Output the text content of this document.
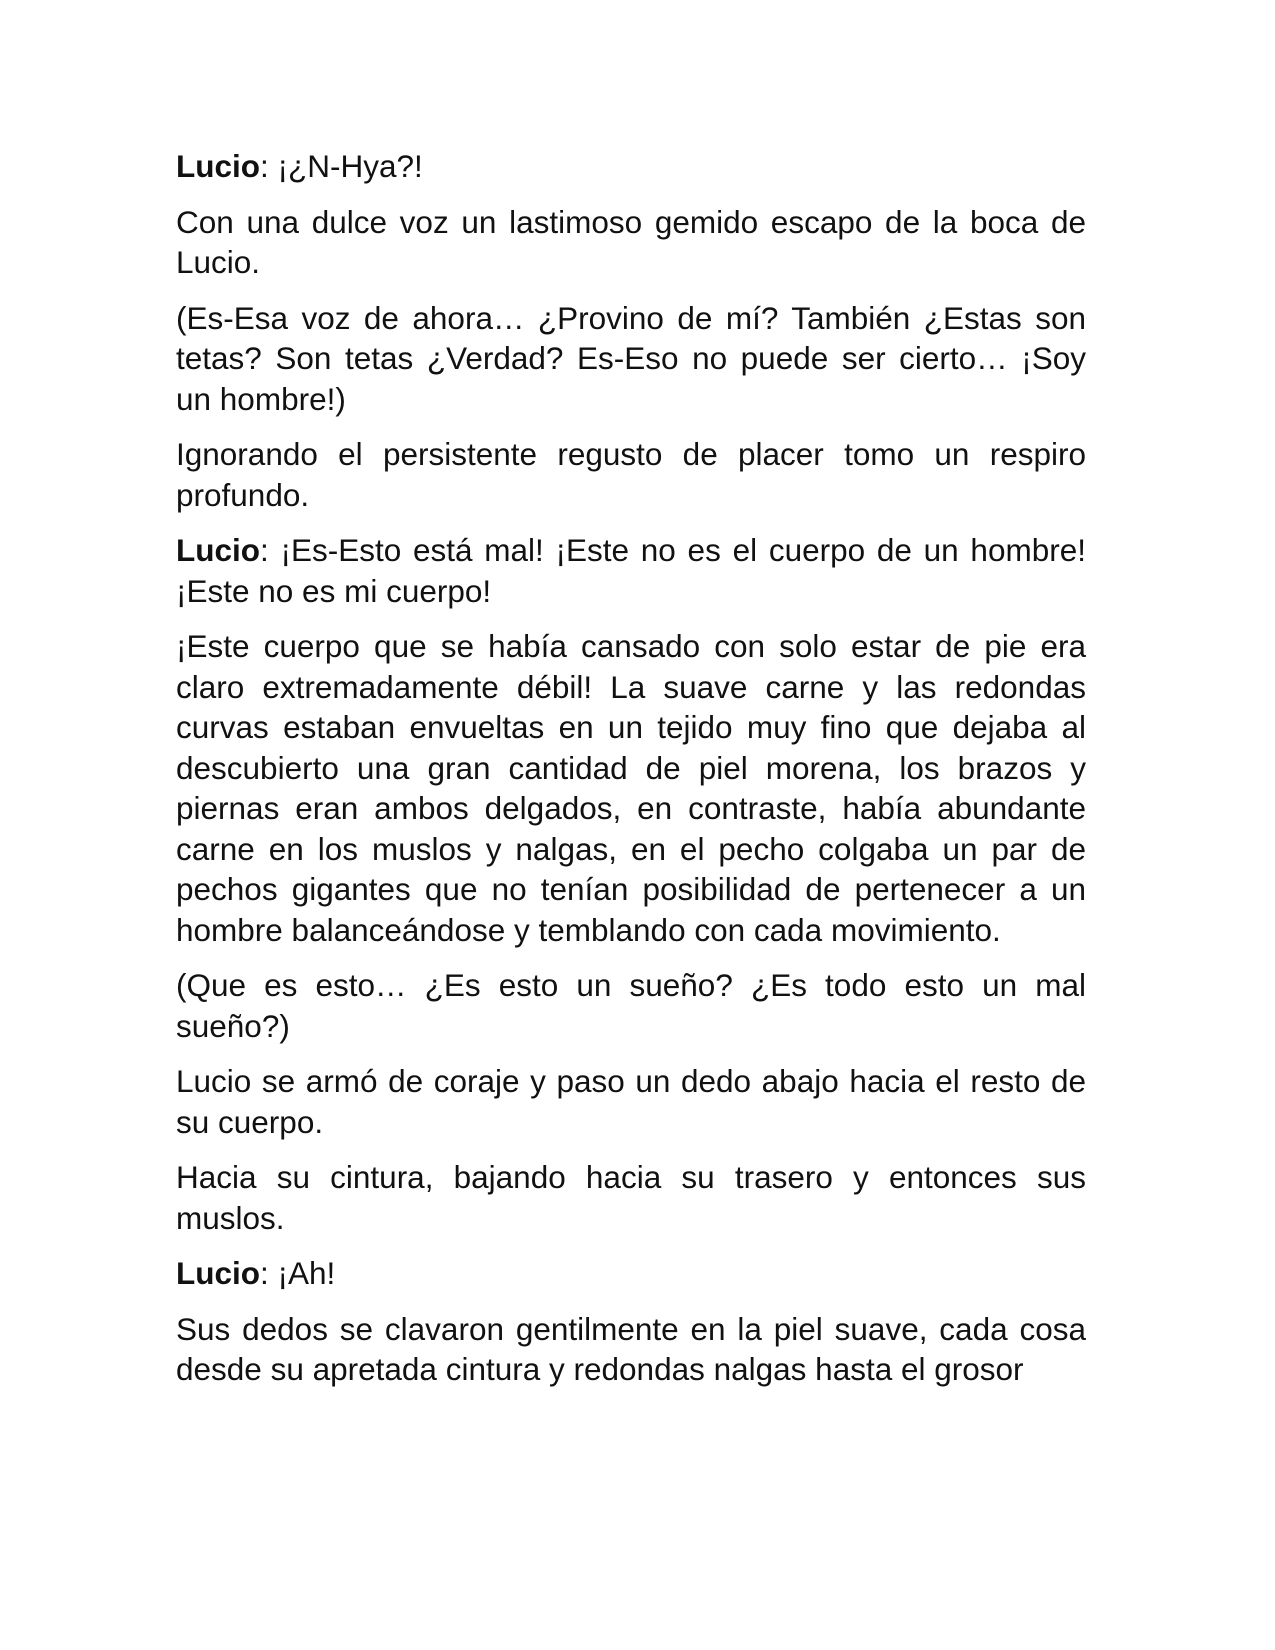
Lucio: ¡¿N-Hya?!

Con una dulce voz un lastimoso gemido escapo de la boca de Lucio.

(Es-Esa voz de ahora… ¿Provino de mí? También ¿Estas son tetas? Son tetas ¿Verdad? Es-Eso no puede ser cierto… ¡Soy un hombre!)

Ignorando el persistente regusto de placer tomo un respiro profundo.

Lucio: ¡Es-Esto está mal! ¡Este no es el cuerpo de un hombre! ¡Este no es mi cuerpo!

¡Este cuerpo que se había cansado con solo estar de pie era claro extremadamente débil! La suave carne y las redondas curvas estaban envueltas en un tejido muy fino que dejaba al descubierto una gran cantidad de piel morena, los brazos y piernas eran ambos delgados, en contraste, había abundante carne en los muslos y nalgas, en el pecho colgaba un par de pechos gigantes que no tenían posibilidad de pertenecer a un hombre balanceándose y temblando con cada movimiento.

(Que es esto… ¿Es esto un sueño? ¿Es todo esto un mal sueño?)

Lucio se armó de coraje y paso un dedo abajo hacia el resto de su cuerpo.

Hacia su cintura, bajando hacia su trasero y entonces sus muslos.

Lucio: ¡Ah!

Sus dedos se clavaron gentilmente en la piel suave, cada cosa desde su apretada cintura y redondas nalgas hasta el grosor
